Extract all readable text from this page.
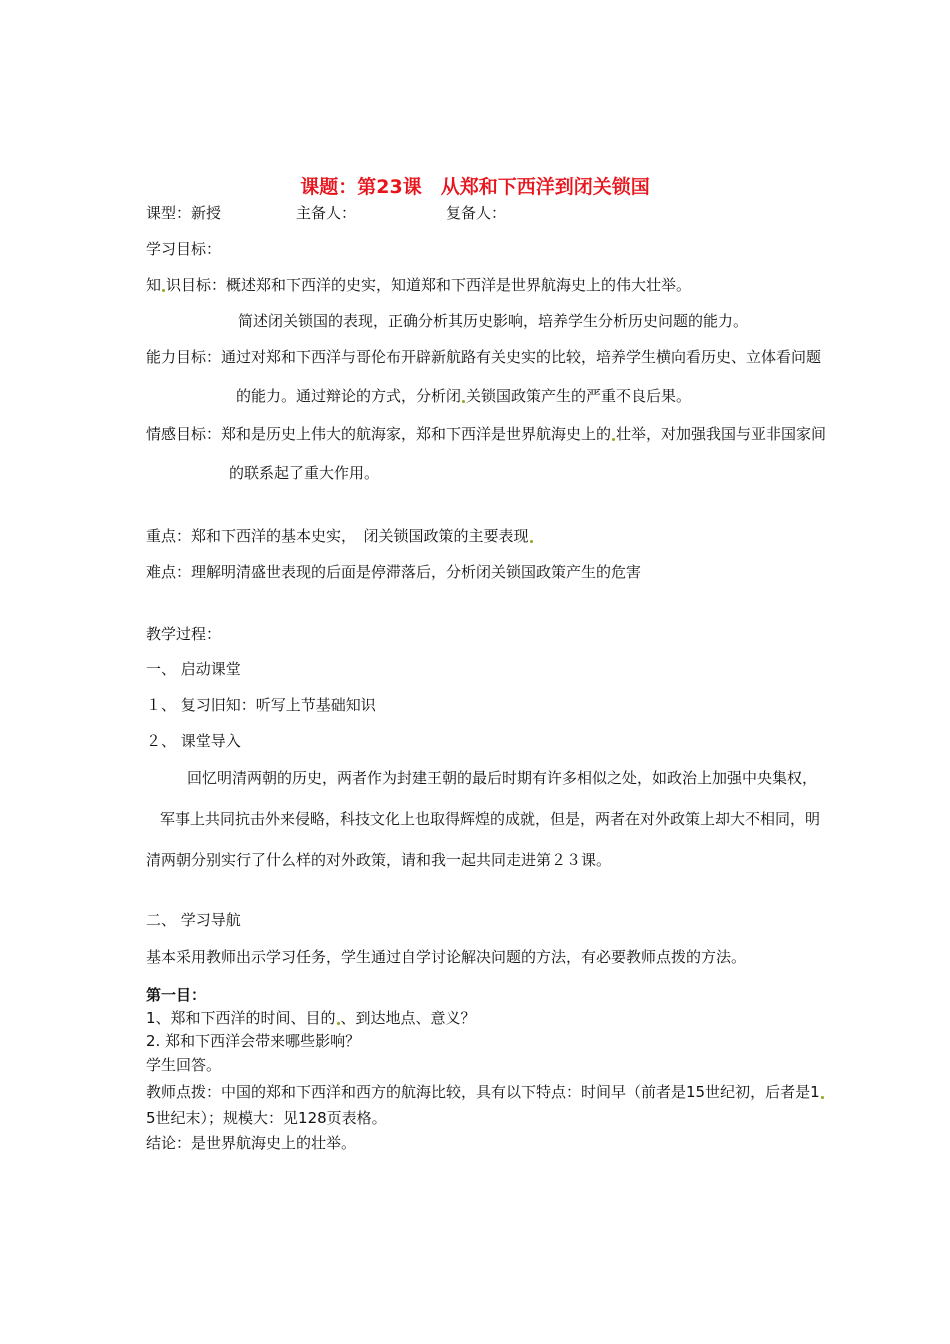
课题：第23课　从郑和下西洋到闭关锁国
课型：新授	主备人：	复备人：
学习目标：
知 识目标：概述郑和下西洋的史实，知道郑和下西洋是世界航海史上的伟大壮举。
简述闭关锁国的表现，正确分析其历史影响，培养学生分析历史问题的能力。
能力目标：通过对郑和下西洋与哥伦布开辟新航路有关史实的比较，培养学生横向看历史、立体看问题
的能力。通过辩论的方式，分析闭 关锁国政策产生的严重不良后果。
情感目标：郑和是历史上伟大的航海家，郑和下西洋是世界航海史上的 壮举，对加强我国与亚非国家间
的联系起了重大作用。
重点：郑和下西洋的基本史实，　闭关锁国政策的主要表现
难点：理解明清盛世表现的后面是停滞落后，分析闭关锁国政策产生的危害
教学过程：
一、 启动课堂
１、 复习旧知：听写上节基础知识
２、 课堂导入
回忆明清两朝的历史，两者作为封建王朝的最后时期有许多相似之处，如政治上加强中央集权，
军事上共同抗击外来侵略，科技文化上也取得辉煌的成就，但是，两者在对外政策上却大不相同，明
清两朝分别实行了什么样的对外政策，请和我一起共同走进第２３课。
二、 学习导航
基本采用教师出示学习任务，学生通过自学讨论解决问题的方法，有必要教师点拨的方法。
第一目：
1、郑和下西洋的时间、目的 、到达地点、意义？
2. 郑和下西洋会带来哪些影响？
学生回答。
教师点拨：中国的郑和下西洋和西方的航海比较，具有以下特点：时间早（前者是15世纪初，后者是1
5世纪末）；规模大：见128页表格。
结论：是世界航海史上的壮举。
